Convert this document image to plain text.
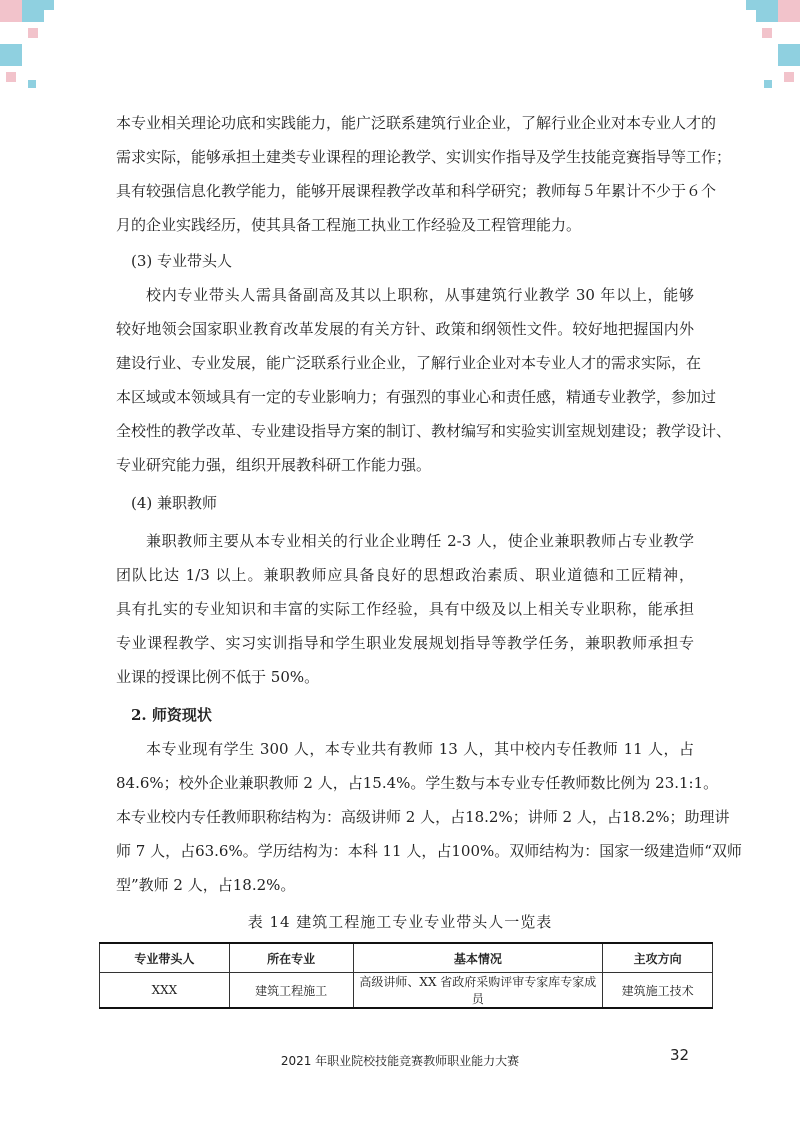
本专业相关理论功底和实践能力，能广泛联系建筑行业企业，了解行业企业对本专业人才的
需求实际，能够承担土建类专业课程的理论教学、实训实作指导及学生技能竞赛指导等工作；
具有较强信息化教学能力，能够开展课程教学改革和科学研究；教师每５年累计不少于６个
月的企业实践经历，使其具备工程施工执业工作经验及工程管理能力。
(3) 专业带头人
校内专业带头人需具备副高及其以上职称，从事建筑行业教学 30 年以上，能够
较好地领会国家职业教育改革发展的有关方针、政策和纲领性文件。较好地把握国内外
建设行业、专业发展，能广泛联系行业企业，了解行业企业对本专业人才的需求实际，在
本区域或本领域具有一定的专业影响力；有强烈的事业心和责任感，精通专业教学，参加过
全校性的教学改革、专业建设指导方案的制订、教材编写和实验实训室规划建设；教学设计、
专业研究能力强，组织开展教科研工作能力强。
(4) 兼职教师
兼职教师主要从本专业相关的行业企业聘任 2-3 人，使企业兼职教师占专业教学
团队比达 1/3 以上。兼职教师应具备良好的思想政治素质、职业道德和工匠精神，
具有扎实的专业知识和丰富的实际工作经验，具有中级及以上相关专业职称，能承担
专业课程教学、实习实训指导和学生职业发展规划指导等教学任务，兼职教师承担专
业课的授课比例不低于 50%。
2. 师资现状
本专业现有学生 300 人，本专业共有教师 13 人，其中校内专任教师 11 人，占
84.6%；校外企业兼职教师 2 人，占15.4%。学生数与本专业专任教师数比例为 23.1:1。
本专业校内专任教师职称结构为：高级讲师 2 人，占18.2%；讲师 2 人，占18.2%；助理讲
师 7 人，占63.6%。学历结构为：本科 11 人，占100%。双师结构为：国家一级建造师“双师
型”教师 2 人，占18.2%。
表 14 建筑工程施工专业专业带头人一览表
专业带头人	所在专业	基本情况	主攻方向
XXX	建筑工程施工	高级讲师、XX 省政府采购评审专家库专家成员	建筑施工技术
2021 年职业院校技能竞赛教师职业能力大赛	32
